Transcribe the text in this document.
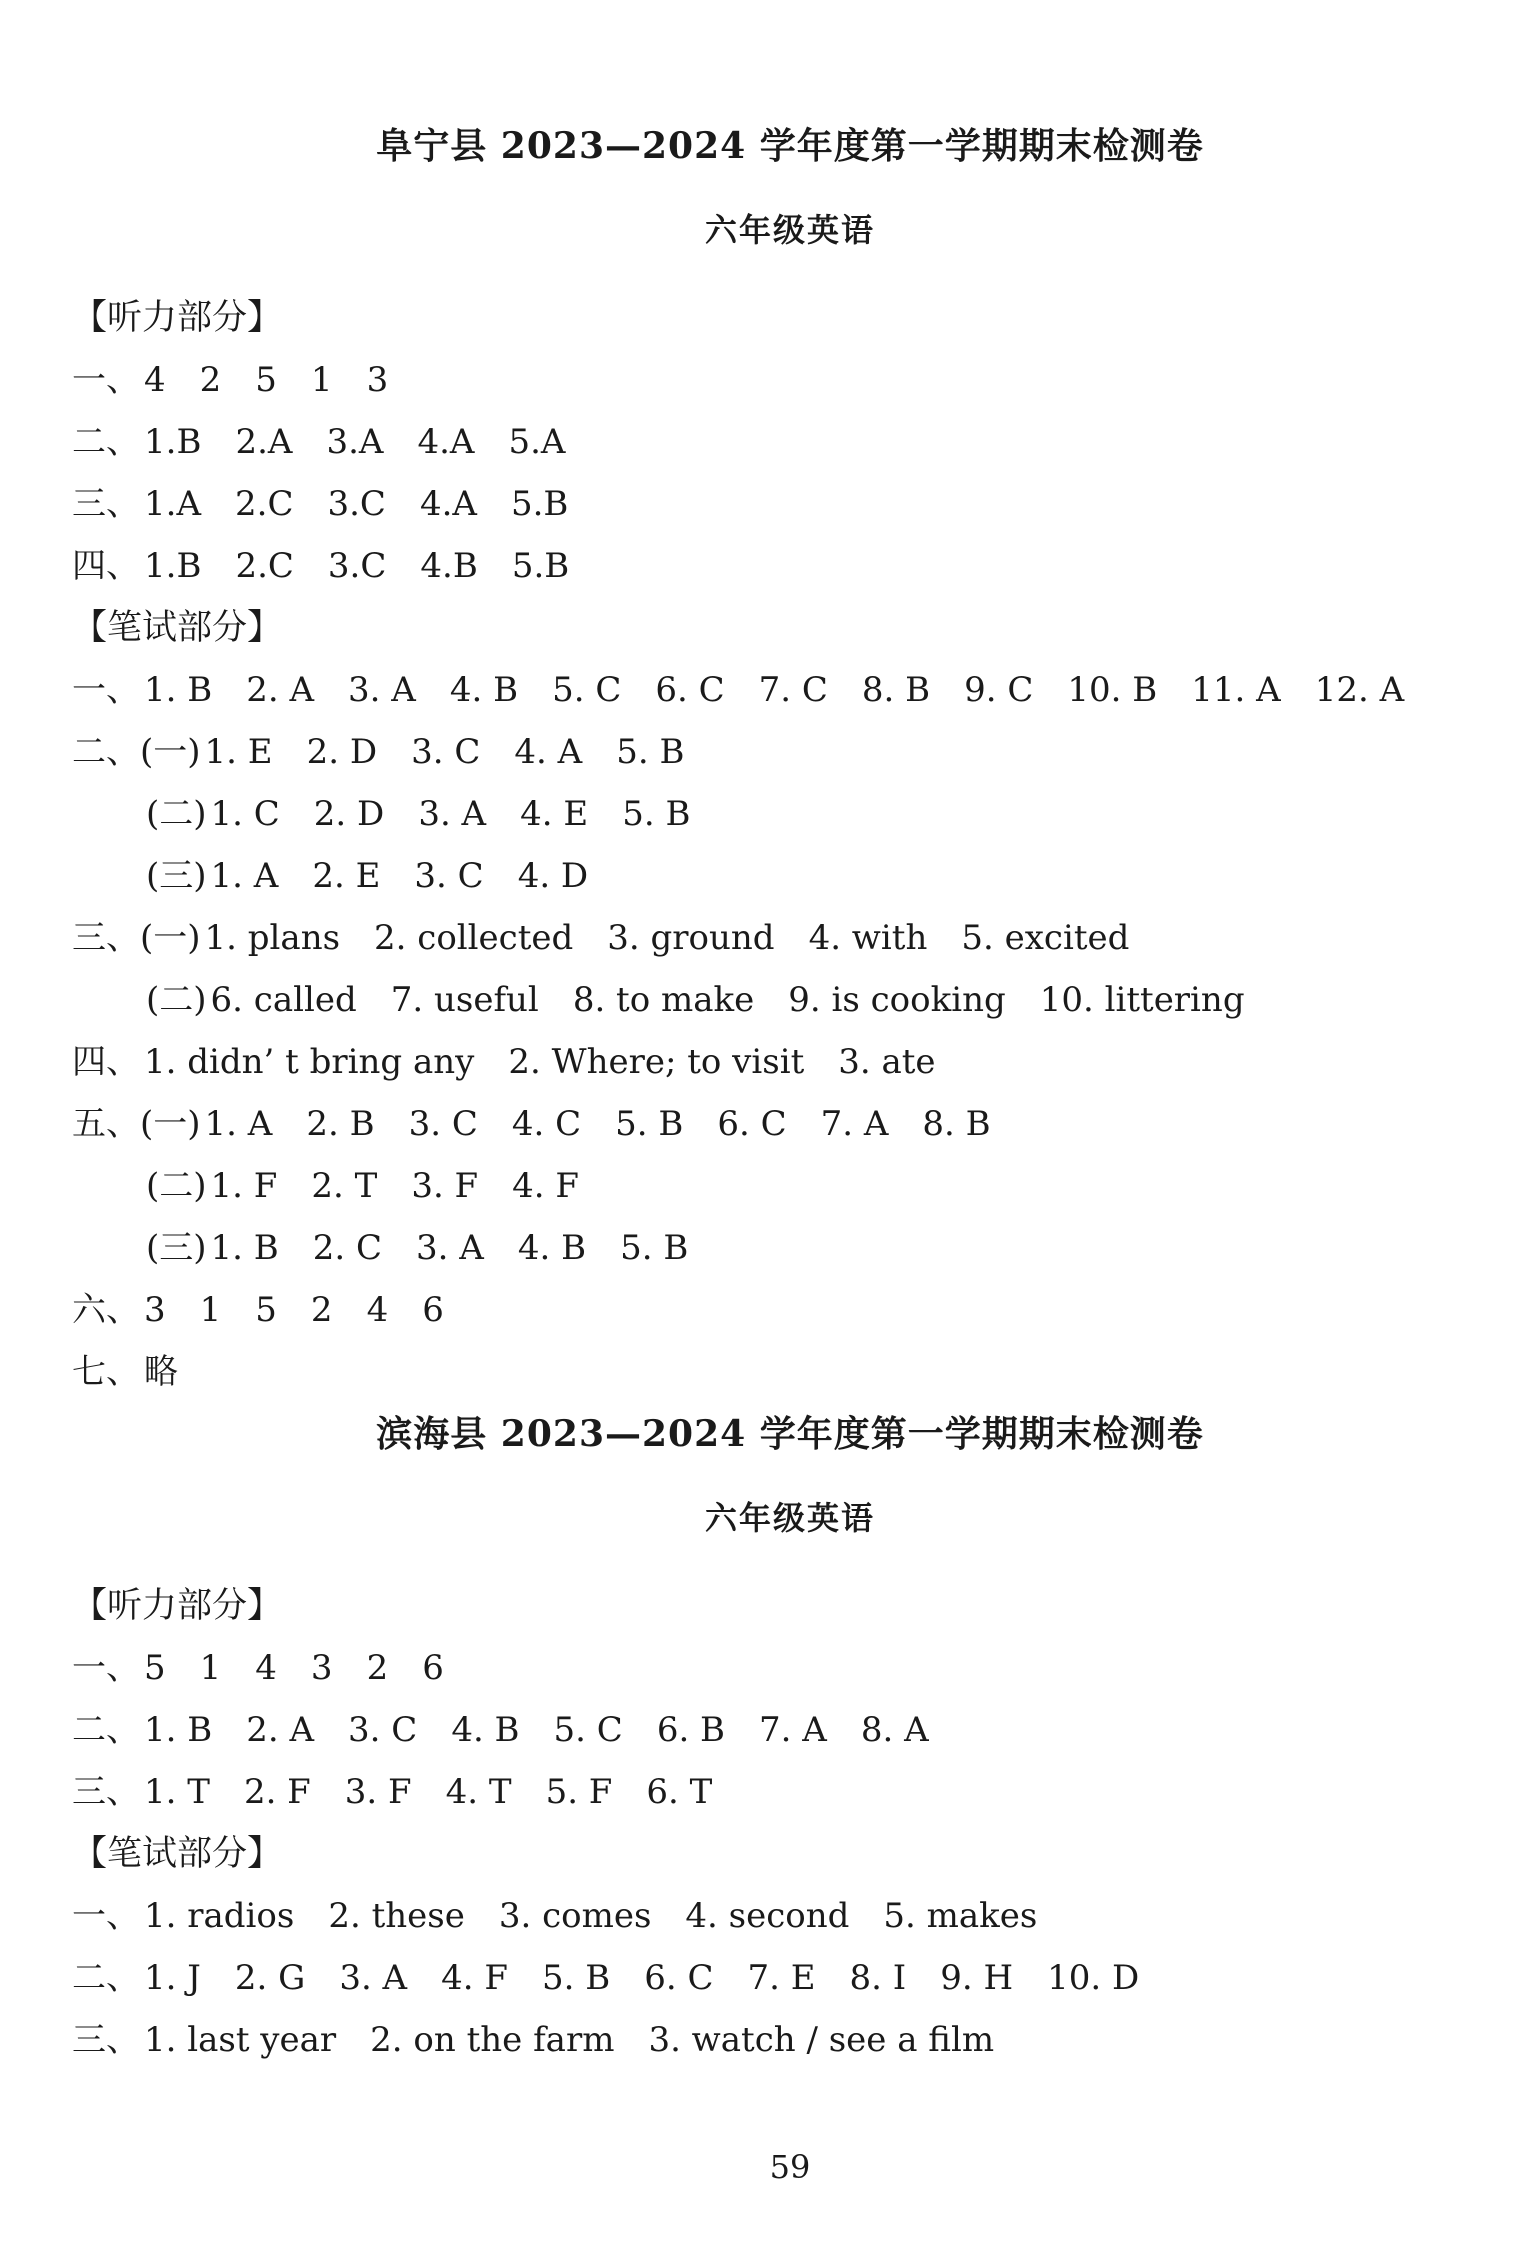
阜宁县 2023—2024 学年度第一学期期末检测卷
六年级英语
【听力部分】
一、 4 2 5 1 3
二、 1.B 2.A 3.A 4.A 5.A
三、 1.A 2.C 3.C 4.A 5.B
四、 1.B 2.C 3.C 4.B 5.B
【笔试部分】
一、 1. B 2. A 3. A 4. B 5. C 6. C 7. C 8. B 9. C 10. B 11. A 12. A
二、(一) 1. E 2. D 3. C 4. A 5. B
(二) 1. C 2. D 3. A 4. E 5. B
(三) 1. A 2. E 3. C 4. D
三、(一) 1. plans 2. collected 3. ground 4. with 5. excited
(二) 6. called 7. useful 8. to make 9. is cooking 10. littering
四、 1. didn’ t bring any 2. Where; to visit 3. ate
五、(一) 1. A 2. B 3. C 4. C 5. B 6. C 7. A 8. B
(二) 1. F 2. T 3. F 4. F
(三) 1. B 2. C 3. A 4. B 5. B
六、 3 1 5 2 4 6
七、 略
滨海县 2023—2024 学年度第一学期期末检测卷
六年级英语
【听力部分】
一、 5 1 4 3 2 6
二、 1. B 2. A 3. C 4. B 5. C 6. B 7. A 8. A
三、 1. T 2. F 3. F 4. T 5. F 6. T
【笔试部分】
一、 1. radios 2. these 3. comes 4. second 5. makes
二、 1. J 2. G 3. A 4. F 5. B 6. C 7. E 8. I 9. H 10. D
三、 1. last year 2. on the farm 3. watch / see a film
59
